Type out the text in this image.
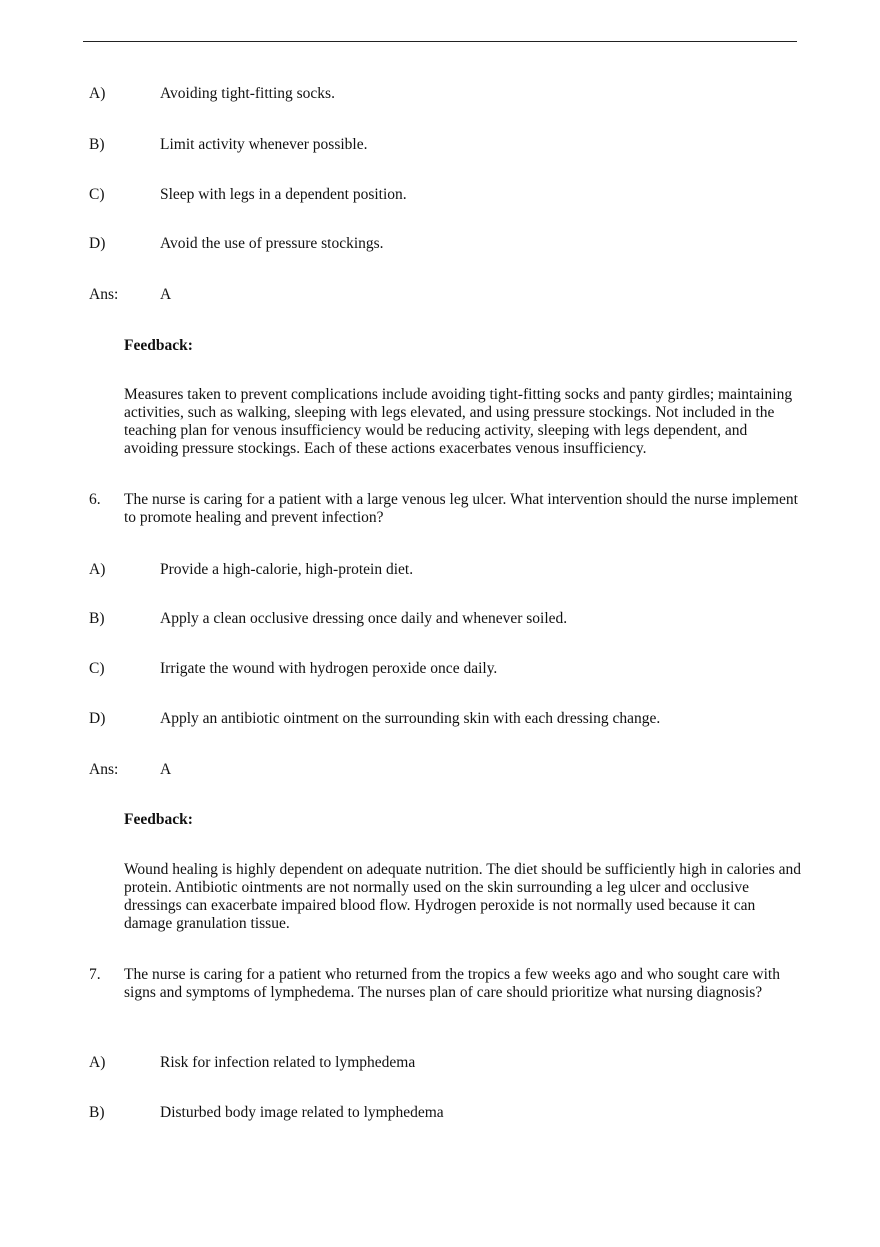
A)	Avoiding tight-fitting socks.
B)	Limit activity whenever possible.
C)	Sleep with legs in a dependent position.
D)	Avoid the use of pressure stockings.
Ans:	A
Feedback:
Measures taken to prevent complications include avoiding tight-fitting socks and panty girdles; maintaining activities, such as walking, sleeping with legs elevated, and using pressure stockings. Not included in the teaching plan for venous insufficiency would be reducing activity, sleeping with legs dependent, and avoiding pressure stockings. Each of these actions exacerbates venous insufficiency.
6. The nurse is caring for a patient with a large venous leg ulcer. What intervention should the nurse implement to promote healing and prevent infection?
A)	Provide a high-calorie, high-protein diet.
B)	Apply a clean occlusive dressing once daily and whenever soiled.
C)	Irrigate the wound with hydrogen peroxide once daily.
D)	Apply an antibiotic ointment on the surrounding skin with each dressing change.
Ans:	A
Feedback:
Wound healing is highly dependent on adequate nutrition. The diet should be sufficiently high in calories and protein. Antibiotic ointments are not normally used on the skin surrounding a leg ulcer and occlusive dressings can exacerbate impaired blood flow. Hydrogen peroxide is not normally used because it can damage granulation tissue.
7. The nurse is caring for a patient who returned from the tropics a few weeks ago and who sought care with signs and symptoms of lymphedema. The nurses plan of care should prioritize what nursing diagnosis?
A)	Risk for infection related to lymphedema
B)	Disturbed body image related to lymphedema
